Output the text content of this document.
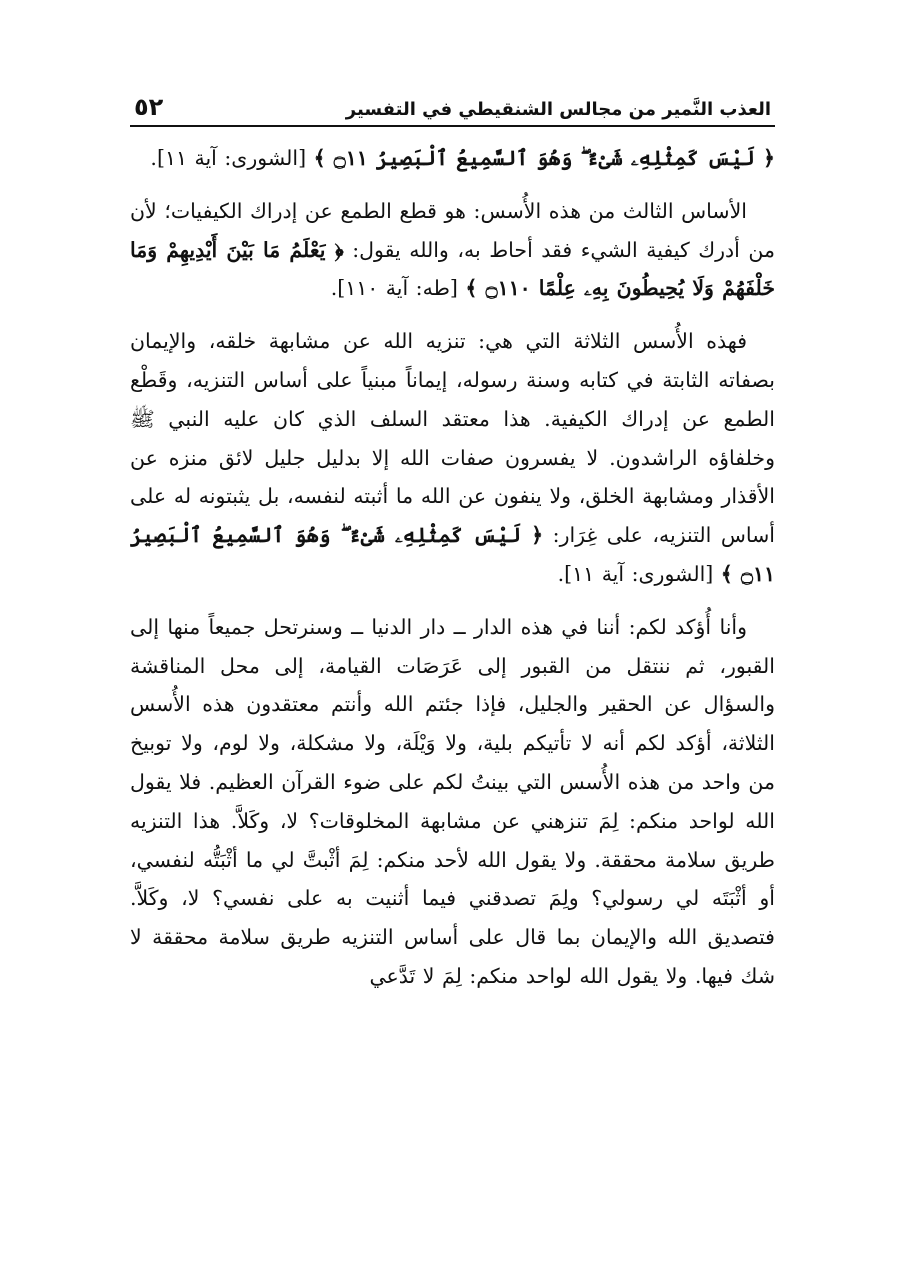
العذب النَّمير من مجالس الشنقيطي في التفسير
٥٢

﴿ لَيْسَ كَمِثْلِهِۦ شَىْءٌ ۖ وَهُوَ ٱلسَّمِيعُ ٱلْبَصِيرُ ۝١١ ﴾ [الشورى: آية ١١].

الأساس الثالث من هذه الأُسس: هو قطع الطمع عن إدراك الكيفيات؛ لأن من أدرك كيفية الشيء فقد أحاط به، والله يقول: ﴿ يَعْلَمُ مَا بَيْنَ أَيْدِيهِمْ وَمَا خَلْفَهُمْ وَلَا يُحِيطُونَ بِهِۦ عِلْمًا ۝١١٠ ﴾ [طه: آية ١١٠].

فهذه الأُسس الثلاثة التي هي: تنزيه الله عن مشابهة خلقه، والإيمان بصفاته الثابتة في كتابه وسنة رسوله، إيماناً مبنياً على أساس التنزيه، وقَطْع الطمع عن إدراك الكيفية. هذا معتقد السلف الذي كان عليه النبي ﷺ وخلفاؤه الراشدون. لا يفسرون صفات الله إلا بدليل جليل لائق منزه عن الأقذار ومشابهة الخلق، ولا ينفون عن الله ما أثبته لنفسه، بل يثبتونه له على أساس التنزيه، على غِرَار: ﴿ لَيْسَ كَمِثْلِهِۦ شَىْءٌ ۖ وَهُوَ ٱلسَّمِيعُ ٱلْبَصِيرُ ۝١١ ﴾ [الشورى: آية ١١].

وأنا أُؤكد لكم: أننا في هذه الدار ــ دار الدنيا ــ وسنرتحل جميعاً منها إلى القبور، ثم ننتقل من القبور إلى عَرَصَات القيامة، إلى محل المناقشة والسؤال عن الحقير والجليل، فإذا جئتم الله وأنتم معتقدون هذه الأُسس الثلاثة، أؤكد لكم أنه لا تأتيكم بلية، ولا وَيْلَة، ولا مشكلة، ولا لوم، ولا توبيخ من واحد من هذه الأُسس التي بينتُ لكم على ضوء القرآن العظيم. فلا يقول الله لواحد منكم: لِمَ تنزهني عن مشابهة المخلوقات؟ لا، وكَلاَّ. هذا التنزيه طريق سلامة محققة. ولا يقول الله لأحد منكم: لِمَ أثْبتَّ لي ما أثْبَتُّه لنفسي، أو أثْبَتَه لي رسولي؟ ولِمَ تصدقني فيما أثنيت به على نفسي؟ لا، وكَلاَّ. فتصديق الله والإيمان بما قال على أساس التنزيه طريق سلامة محققة لا شك فيها. ولا يقول الله لواحد منكم: لِمَ لا تَدَّعي
